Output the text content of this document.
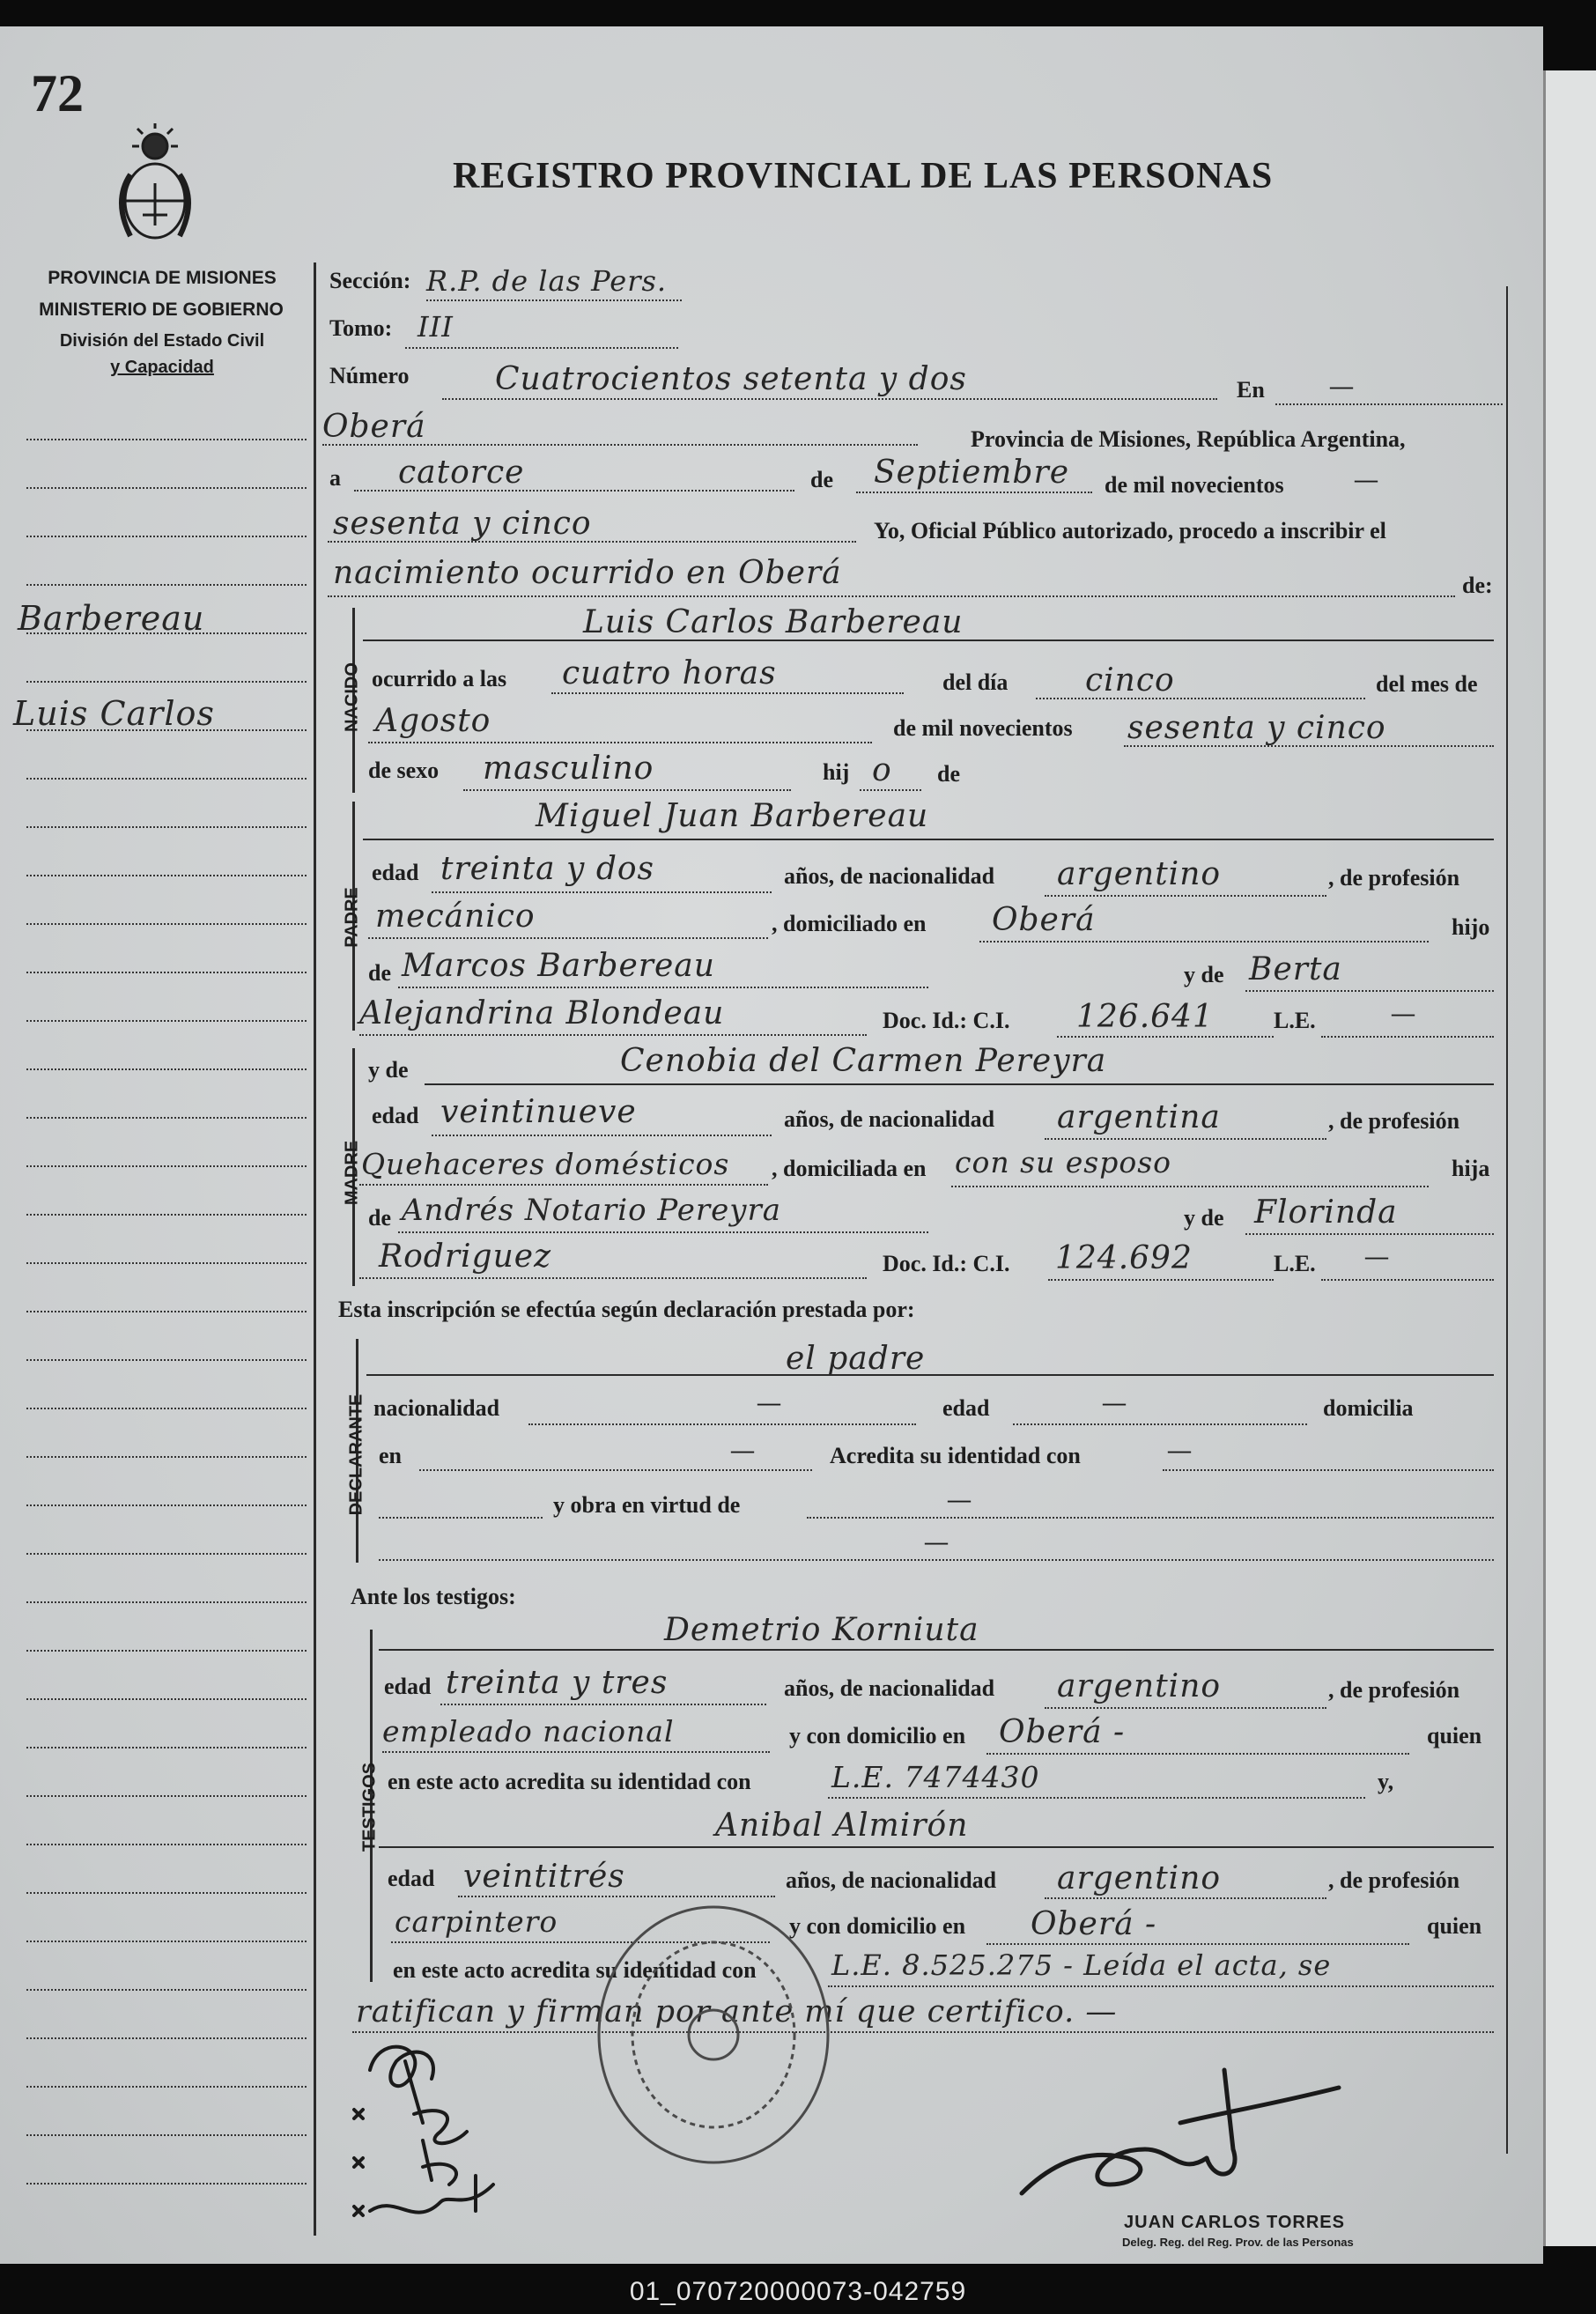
72
PROVINCIA DE MISIONES
MINISTERIO DE GOBIERNO
División del Estado Civil
y Capacidad
REGISTRO PROVINCIAL DE LAS PERSONAS
Barbereau
Luis Carlos
Sección: R.P. de las Pers.
Tomo: III
Número	Cuatrocientos setenta y dos	En	—
Oberá	Provincia de Misiones, República Argentina,
a catorce	de Septiembre de mil novecientos	—
sesenta y cinco	Yo, Oficial Público autorizado, procedo a inscribir el
nacimiento ocurrido en Oberá	de:
NACIDO
Luis Carlos Barbereau
ocurrido a las cuatro horas	del día cinco	del mes de
Agosto	de mil novecientos sesenta y cinco
de sexo masculino	hij o de
PADRE
Miguel Juan Barbereau
edad treinta y dos	años, de nacionalidad argentino	, de profesión
mecánico	, domiciliado en Oberá	hijo
de Marcos Barbereau	y de Berta
Alejandrina Blondeau	Doc. Id.: C.I. 126.641	L.E.	—
MADRE
y de	Cenobia del Carmen Pereyra
edad veintinueve	años, de nacionalidad argentina	, de profesión
Quehaceres domésticos , domiciliada en con su esposo	hija
de Andrés Notario Pereyra	y de Florinda
Rodriguez	Doc. Id.: C.I. 124.692	L.E. —
Esta inscripción se efectúa según declaración prestada por:
DECLARANTE
el padre
nacionalidad	—	edad	—	domicilia
en	—	Acredita su identidad con	—
y obra en virtud de	—
—
Ante los testigos:
TESTIGOS
Demetrio Korniuta
edad treinta y tres	años, de nacionalidad argentino	, de profesión
empleado nacional	y con domicilio en Oberá -	quien
en este acto acredita su identidad con	L.E. 7474430	y,
Anibal Almirón
edad veintitrés	años, de nacionalidad argentino	, de profesión
carpintero	y con domicilio en Oberá -	quien
en este acto acredita su identidad con	L.E. 8.525.275 - Leída el acta, se
ratifican y firman por ante mí que certifico. —
JUAN CARLOS TORRES
Deleg. Reg. del Reg. Prov. de las Personas
01_070720000073-042759
